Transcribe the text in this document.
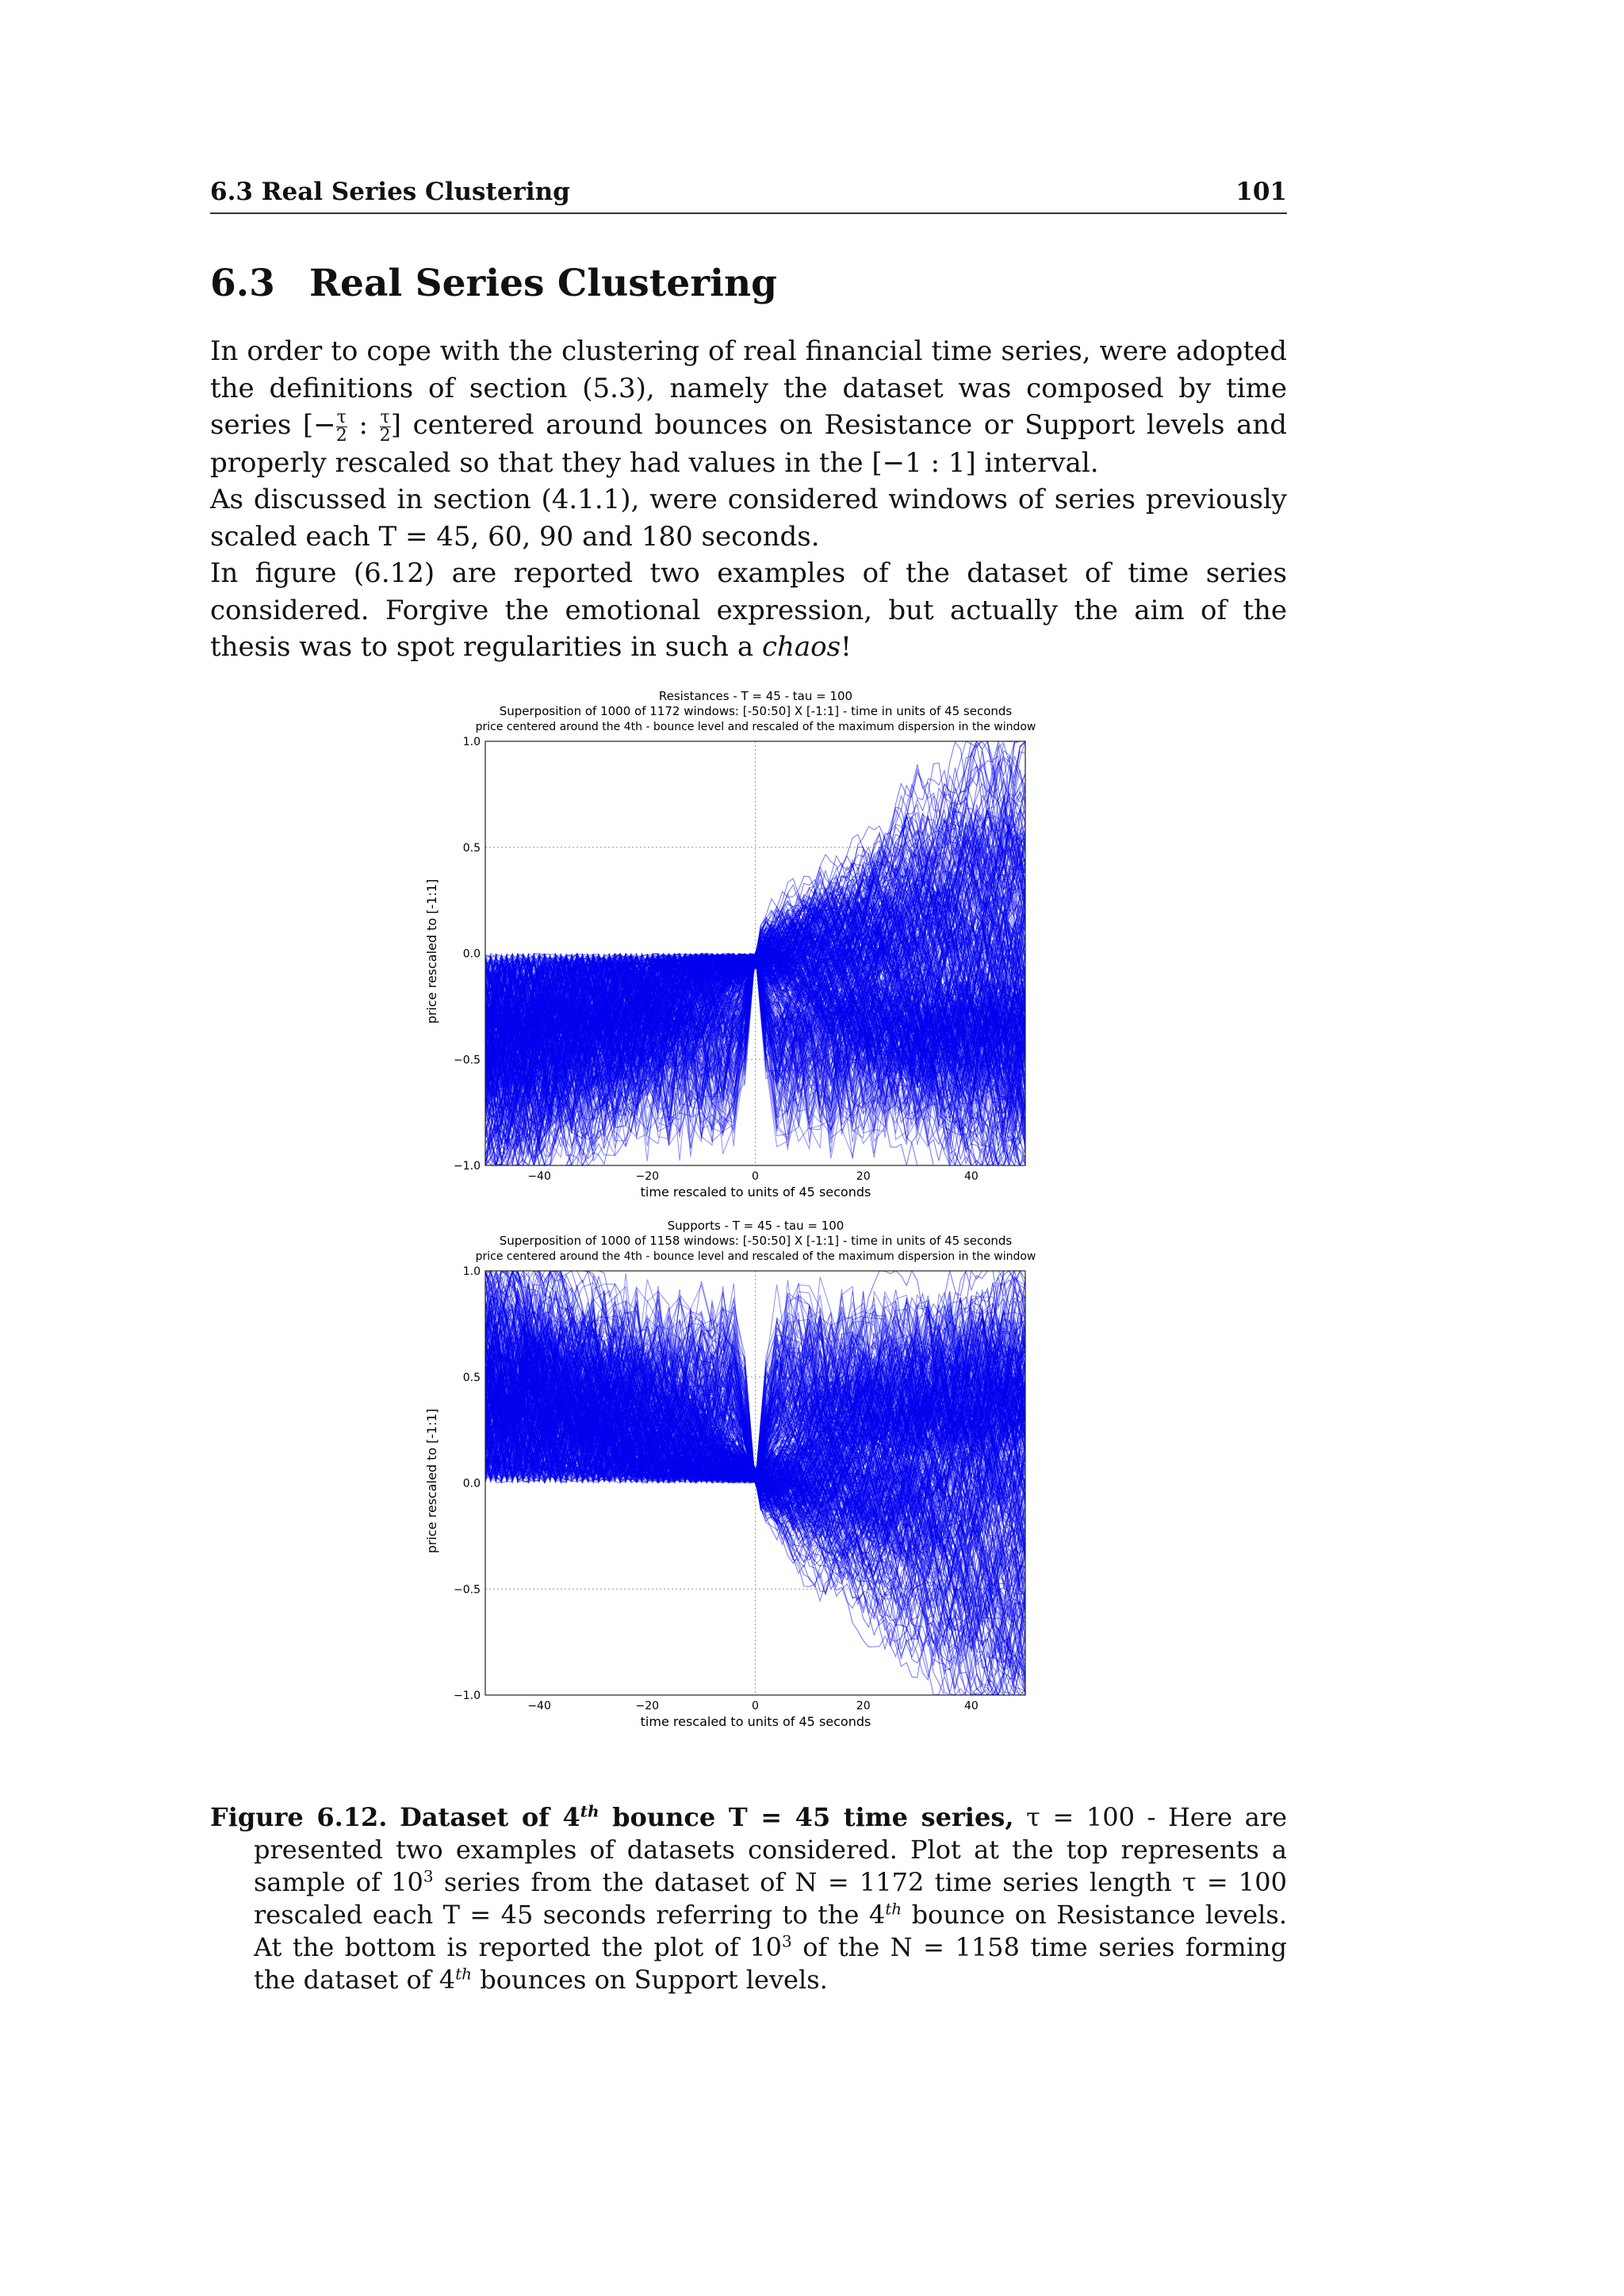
6.3 Real Series Clustering	101
6.3 Real Series Clustering

In order to cope with the clustering of real financial time series, were adopted the definitions of section (5.3), namely the dataset was composed by time series [− $\frac{\tau}{2}$ : $\frac{\tau}{2}$ ] centered around bounces on Resistance or Support levels and properly rescaled so that they had values in the [−1 : 1] interval.

As discussed in section (4.1.1), were considered windows of series previously scaled each T = 45, 60, 90 and 180 seconds.

In figure (6.12) are reported two examples of the dataset of time series considered. Forgive the emotional expression, but actually the aim of the thesis was to spot regularities in such a chaos!

Resistances - T = 45 - tau = 100
Superposition of 1000 of 1172 windows: [-50:50] X [-1:1] - time in units of 45 seconds
price centered around the 4th - bounce level and rescaled of the maximum dispersion in the window
price rescaled to [-1:1]
time rescaled to units of 45 seconds
1.0
0.5
0.0
−0.5
−1.0
−40	−20	0	20	40
Supports - T = 45 - tau = 100
Superposition of 1000 of 1158 windows: [-50:50] X [-1:1] - time in units of 45 seconds
price centered around the 4th - bounce level and rescaled of the maximum dispersion in the window
price rescaled to [-1:1]
time rescaled to units of 45 seconds
1.0
0.5
0.0
−0.5
−1.0
−40	−20	0	20	40

Figure 6.12. Dataset of 4th bounce T = 45 time series, τ = 100 - Here are presented two examples of datasets considered. Plot at the top represents a sample of $10^3$ series from the dataset of N = 1172 time series length τ = 100 rescaled each T = 45 seconds referring to the 4th bounce on Resistance levels. At the bottom is reported the plot of $10^3$ of the N = 1158 time series forming the dataset of 4th bounces on Support levels.
